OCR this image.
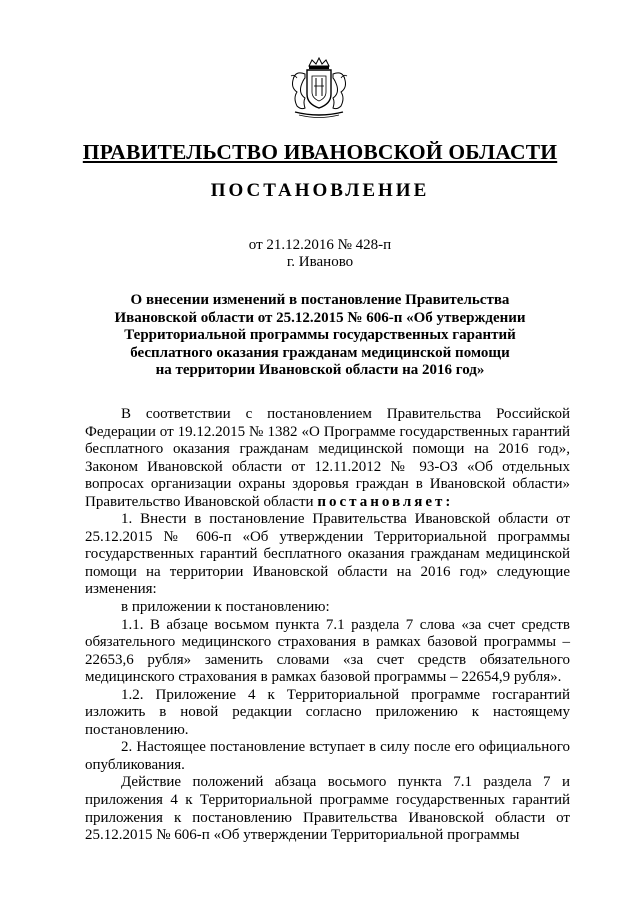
ПРАВИТЕЛЬСТВО ИВАНОВСКОЙ ОБЛАСТИ
ПОСТАНОВЛЕНИЕ
от 21.12.2016 № 428-п
г. Иваново
О внесении изменений в постановление Правительства
Ивановской области от 25.12.2015 № 606-п «Об утверждении
Территориальной программы государственных гарантий
бесплатного оказания гражданам медицинской помощи
на территории Ивановской области на 2016 год»

В соответствии с постановлением Правительства Российской Федерации от 19.12.2015 № 1382 «О Программе государственных гарантий бесплатного оказания гражданам медицинской помощи на 2016 год», Законом Ивановской области от 12.11.2012 № 93-ОЗ «Об отдельных вопросах организации охраны здоровья граждан в Ивановской области» Правительство Ивановской области постановляет:

1. Внести в постановление Правительства Ивановской области от 25.12.2015 № 606-п «Об утверждении Территориальной программы государственных гарантий бесплатного оказания гражданам медицинской помощи на территории Ивановской области на 2016 год» следующие изменения:

в приложении к постановлению:

1.1. В абзаце восьмом пункта 7.1 раздела 7 слова «за счет средств обязательного медицинского страхования в рамках базовой программы – 22653,6 рубля» заменить словами «за счет средств обязательного медицинского страхования в рамках базовой программы – 22654,9 рубля».

1.2. Приложение 4 к Территориальной программе госгарантий изложить в новой редакции согласно приложению к настоящему постановлению.

2. Настоящее постановление вступает в силу после его официального опубликования.

Действие положений абзаца восьмого пункта 7.1 раздела 7 и приложения 4 к Территориальной программе государственных гарантий приложения к постановлению Правительства Ивановской области от 25.12.2015 № 606-п «Об утверждении Территориальной программы
